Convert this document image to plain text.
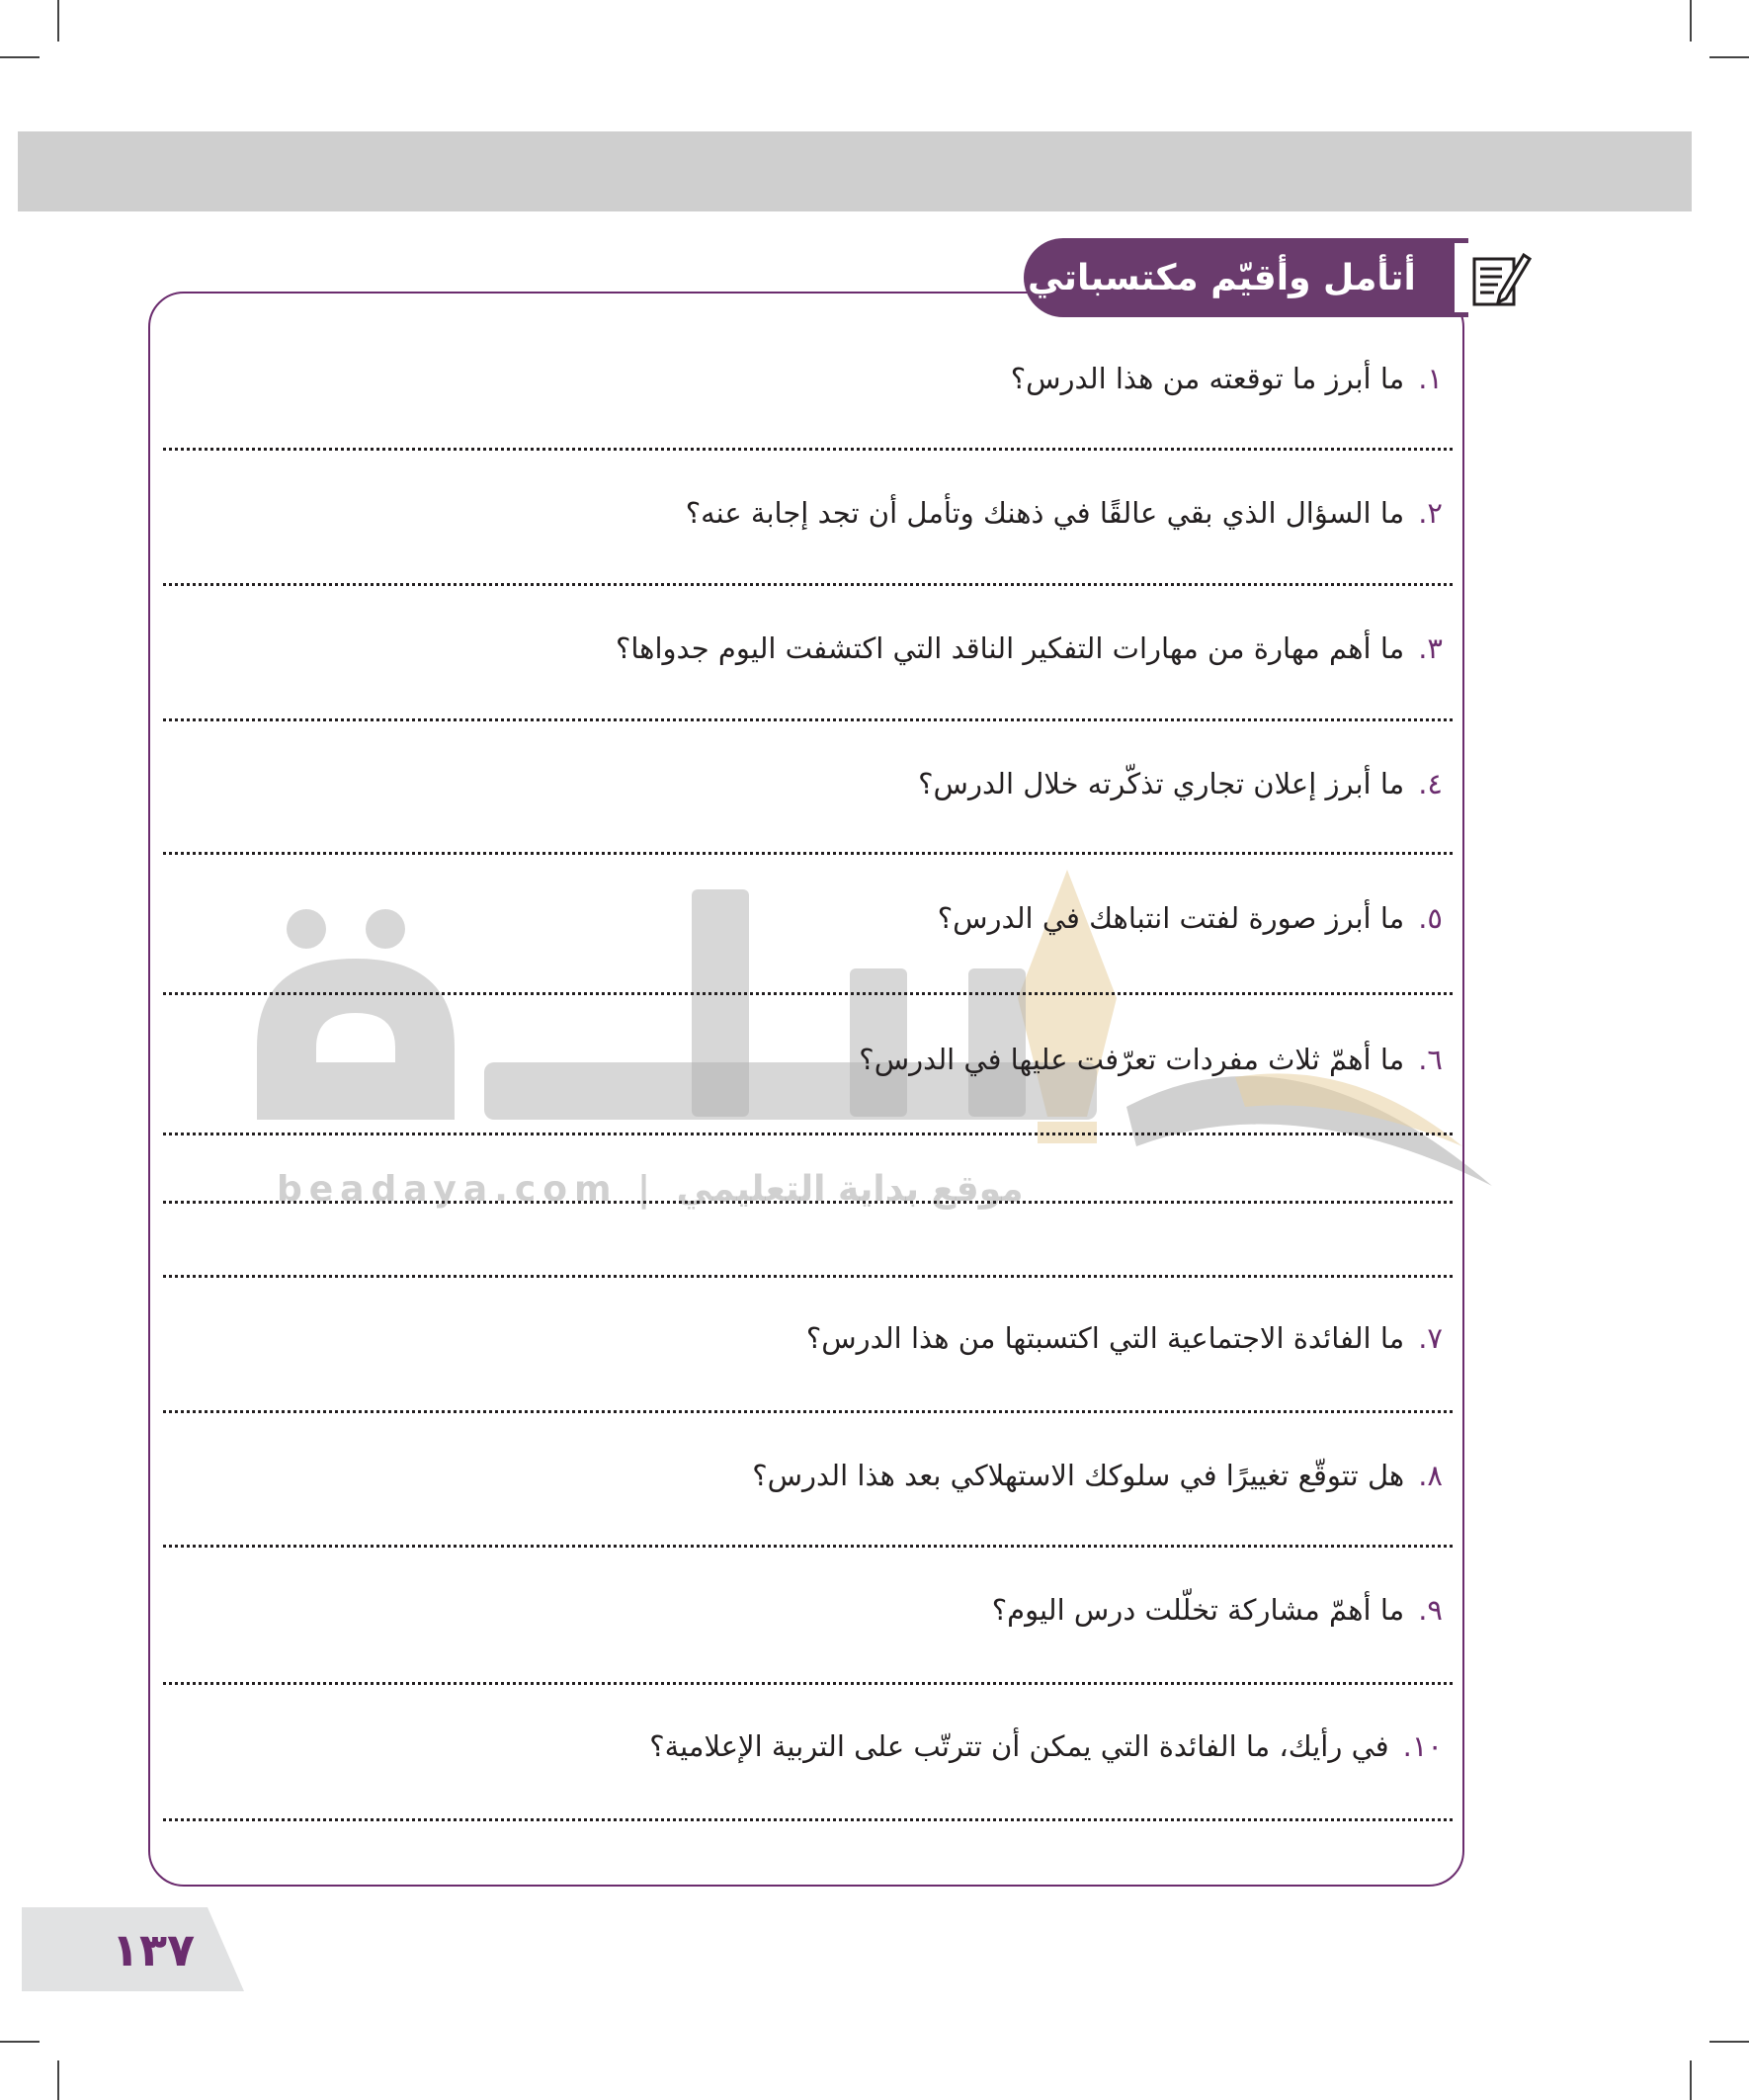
beadaya.com | موقع بداية التعليمي
أتأمل وأقيّم مكتسباتي
١.ما أبرز ما توقعته من هذا الدرس؟
٢.ما السؤال الذي بقي عالقًا في ذهنك وتأمل أن تجد إجابة عنه؟
٣.ما أهم مهارة من مهارات التفكير الناقد التي اكتشفت اليوم جدواها؟
٤.ما أبرز إعلان تجاري تذكّرته خلال الدرس؟
٥.ما أبرز صورة لفتت انتباهك في الدرس؟
٦.ما أهمّ ثلاث مفردات تعرّفت عليها في الدرس؟
٧.ما الفائدة الاجتماعية التي اكتسبتها من هذا الدرس؟
٨.هل تتوقّع تغييرًا في سلوكك الاستهلاكي بعد هذا الدرس؟
٩.ما أهمّ مشاركة تخلّلت درس اليوم؟
١٠.في رأيك، ما الفائدة التي يمكن أن تترتّب على التربية الإعلامية؟
١٣٧
